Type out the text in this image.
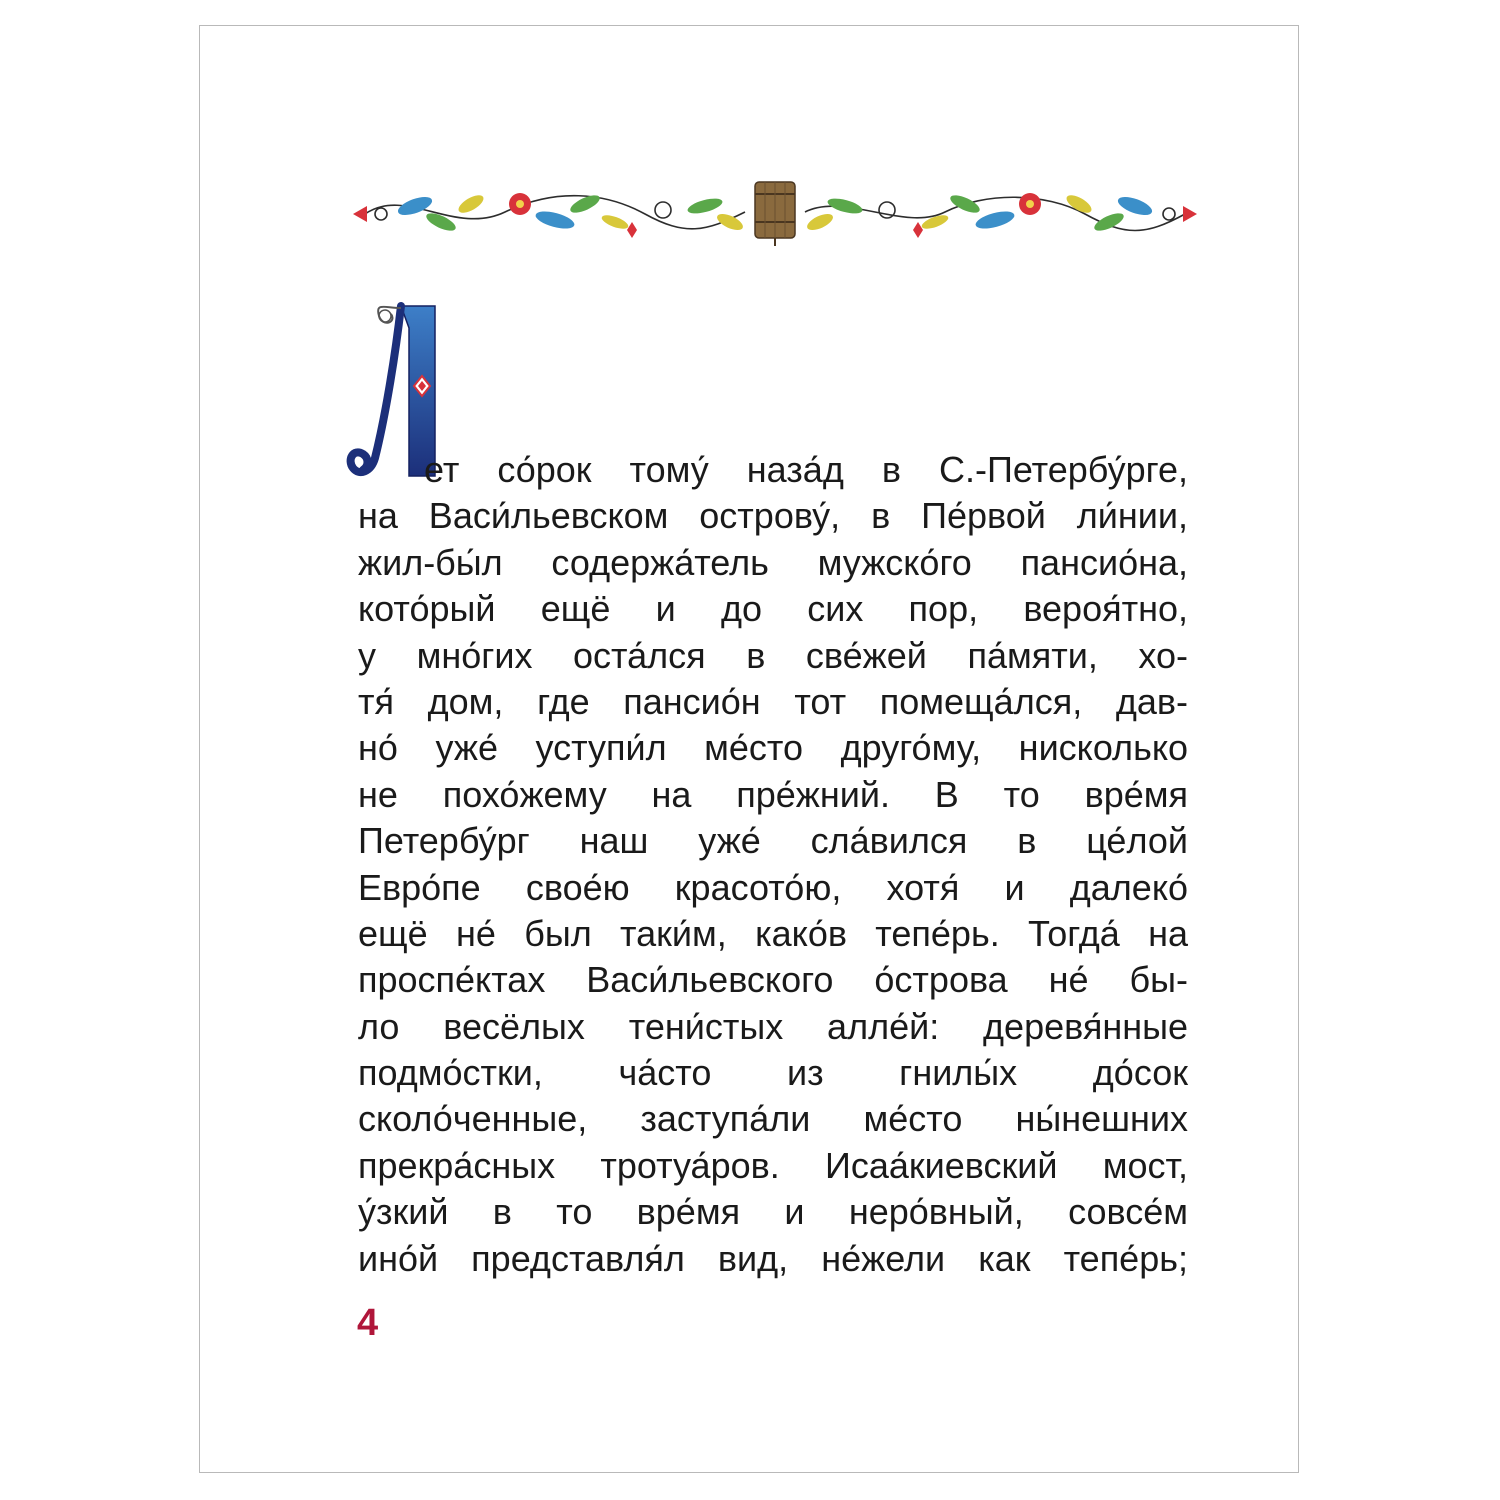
Л
ет со́рок тому́ наза́д в С.-Петербу́рге,
на Васи́льевском острову́, в Пе́рвой ли́нии,
жил-бы́л содержа́тель мужско́го пансио́на,
кото́рый ещё и до сих пор, вероя́тно,
у мно́гих оста́лся в све́жей па́мяти, хо-
тя́ дом, где пансио́н тот помеща́лся, дав-
но́ уже́ уступи́л ме́сто друго́му, нисколько
не похо́жему на пре́жний. В то вре́мя
Петербу́рг наш уже́ сла́вился в це́лой
Евро́пе свое́ю красото́ю, хотя́ и далеко́
ещё не́ был таки́м, како́в тепе́рь. Тогда́ на
проспе́ктах Васи́льевского о́строва не́ бы-
ло весёлых тени́стых алле́й: деревя́нные
подмо́стки, ча́сто из гнилы́х до́сок
сколо́ченные, заступа́ли ме́сто ны́нешних
прекра́сных тротуа́ров. Исаа́киевский мост,
у́зкий в то вре́мя и неро́вный, совсе́м
ино́й представля́л вид, не́жели как тепе́рь;
4
